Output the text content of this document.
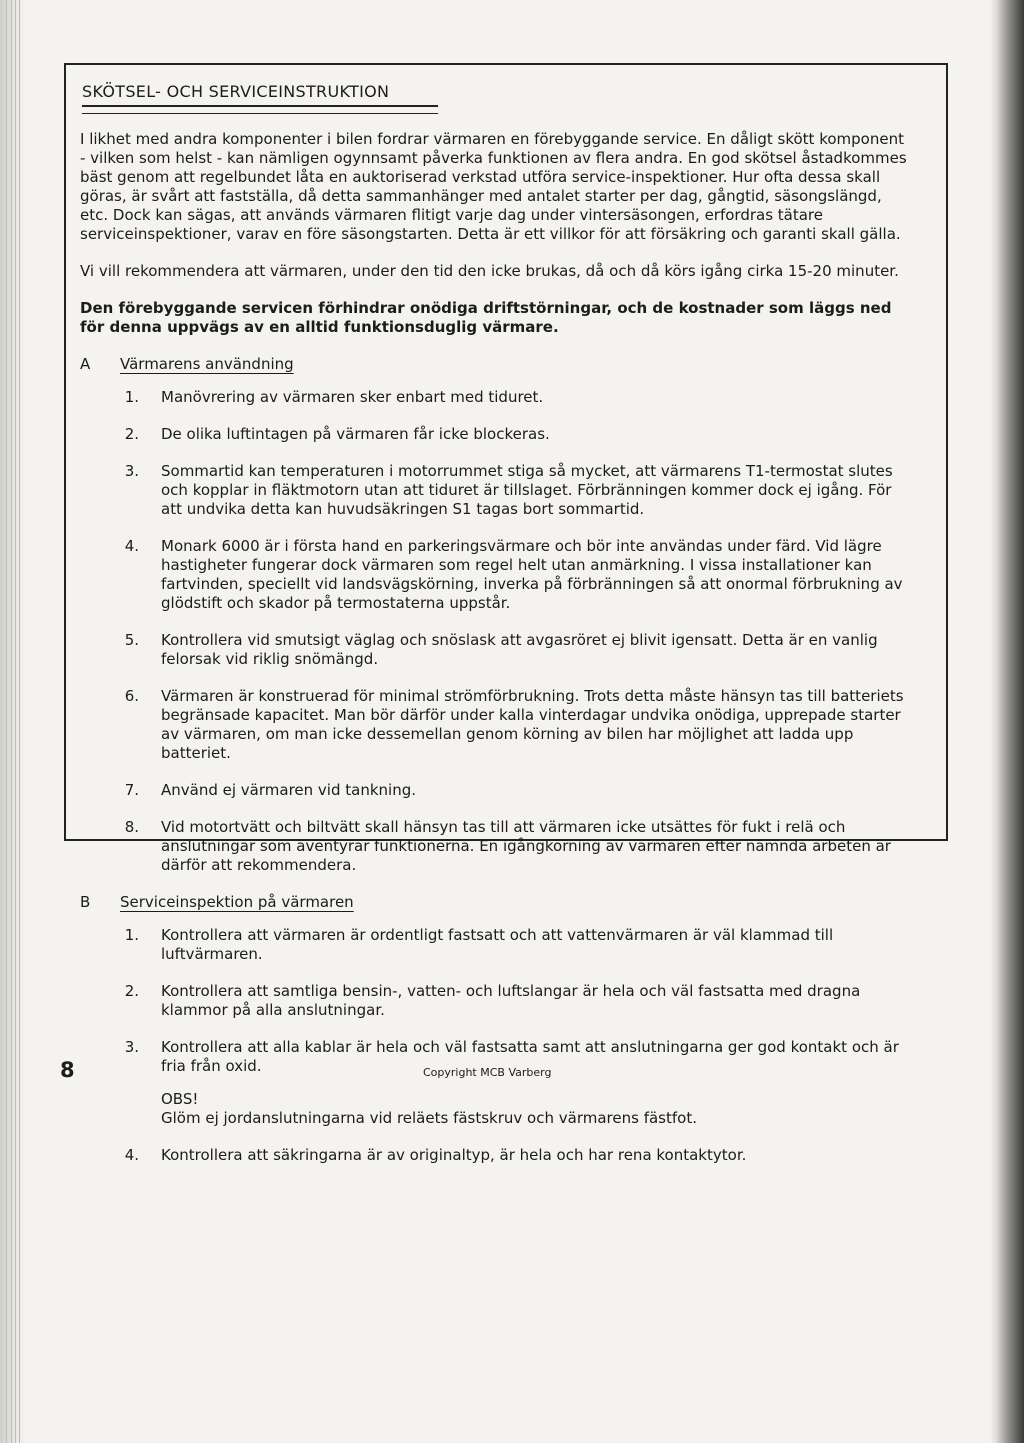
SKÖTSEL- OCH SERVICEINSTRUKTION

I likhet med andra komponenter i bilen fordrar värmaren en förebyggande service. En dåligt skött komponent - vilken som helst - kan nämligen ogynnsamt påverka funktionen av flera andra. En god skötsel åstadkommes bäst genom att regelbundet låta en auktoriserad verkstad utföra service-inspektioner. Hur ofta dessa skall göras, är svårt att fastställa, då detta sammanhänger med antalet starter per dag, gångtid, säsongslängd, etc. Dock kan sägas, att används värmaren flitigt varje dag under vintersäsongen, erfordras tätare serviceinspektioner, varav en före säsongstarten. Detta är ett villkor för att försäkring och garanti skall gälla.

Vi vill rekommendera att värmaren, under den tid den icke brukas, då och då körs igång cirka 15-20 minuter.

Den förebyggande servicen förhindrar onödiga driftstörningar, och de kostnader som läggs ned för denna uppvägs av en alltid funktionsduglig värmare.

A	Värmarens användning
1.	Manövrering av värmaren sker enbart med tiduret.
2.	De olika luftintagen på värmaren får icke blockeras.
3.	Sommartid kan temperaturen i motorrummet stiga så mycket, att värmarens T1-termostat slutes och kopplar in fläktmotorn utan att tiduret är tillslaget. Förbränningen kommer dock ej igång. För att undvika detta kan huvudsäkringen S1 tagas bort sommartid.
4.	Monark 6000 är i första hand en parkeringsvärmare och bör inte användas under färd. Vid lägre hastigheter fungerar dock värmaren som regel helt utan anmärkning. I vissa installationer kan fartvinden, speciellt vid landsvägskörning, inverka på förbränningen så att onormal förbrukning av glödstift och skador på termostaterna uppstår.
5.	Kontrollera vid smutsigt väglag och snöslask att avgasröret ej blivit igensatt. Detta är en vanlig felorsak vid riklig snömängd.
6.	Värmaren är konstruerad för minimal strömförbrukning. Trots detta måste hänsyn tas till batteriets begränsade kapacitet. Man bör därför under kalla vinterdagar undvika onödiga, upprepade starter av värmaren, om man icke dessemellan genom körning av bilen har möjlighet att ladda upp batteriet.
7.	Använd ej värmaren vid tankning.
8.	Vid motortvätt och biltvätt skall hänsyn tas till att värmaren icke utsättes för fukt i relä och anslutningar som äventyrar funktionerna. En igångkörning av värmaren efter nämnda arbeten är därför att rekommendera.
B	Serviceinspektion på värmaren
1.	Kontrollera att värmaren är ordentligt fastsatt och att vattenvärmaren är väl klammad till luftvärmaren.
2.	Kontrollera att samtliga bensin-, vatten- och luftslangar är hela och väl fastsatta med dragna klammor på alla anslutningar.
3.	Kontrollera att alla kablar är hela och väl fastsatta samt att anslutningarna ger god kontakt och är fria från oxid.
OBS!
Glöm ej jordanslutningarna vid reläets fästskruv och värmarens fästfot.
4.	Kontrollera att säkringarna är av originaltyp, är hela och har rena kontaktytor.
8	Copyright MCB Varberg
